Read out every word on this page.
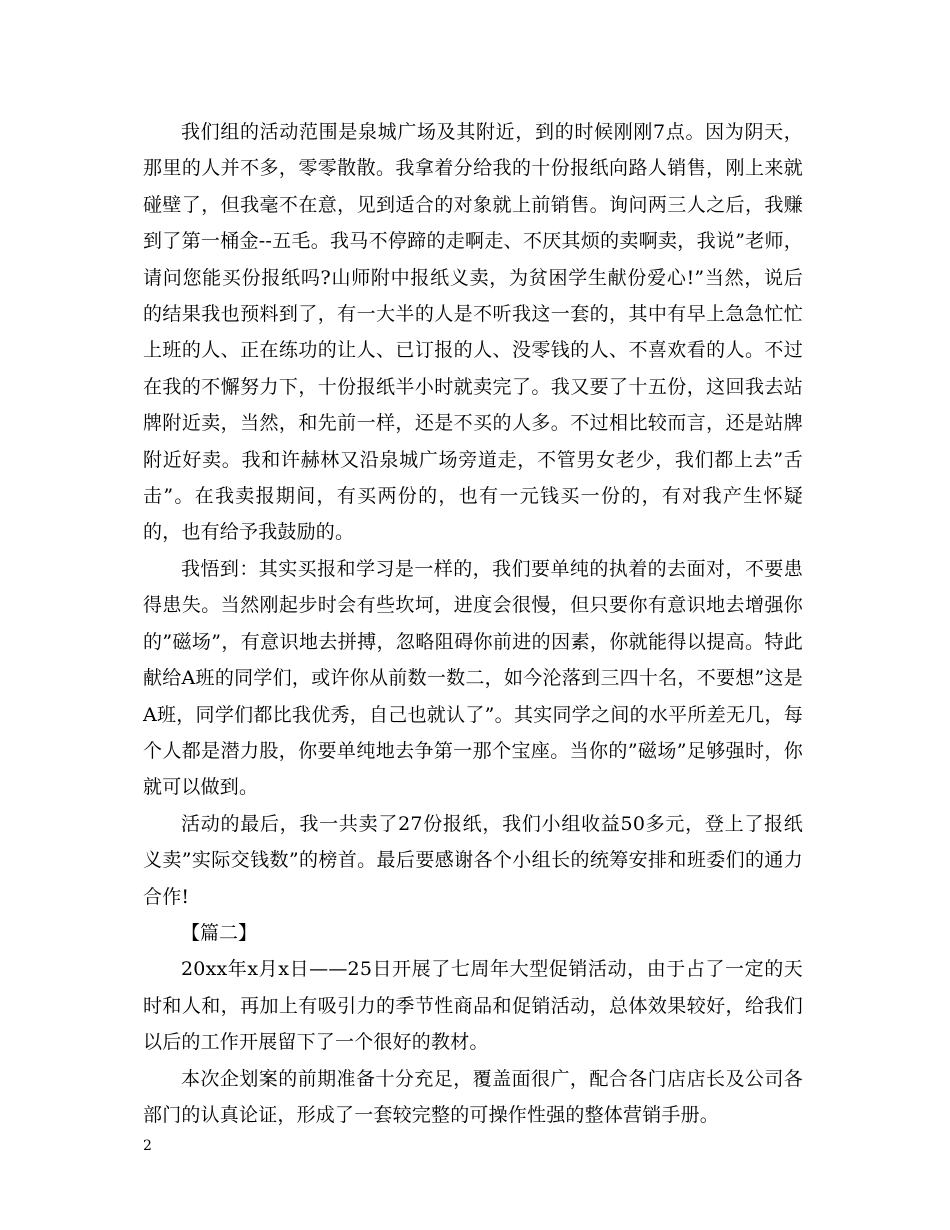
我们组的活动范围是泉城广场及其附近，到的时候刚刚7点。因为阴天，那里的人并不多，零零散散。我拿着分给我的十份报纸向路人销售，刚上来就碰壁了，但我毫不在意，见到适合的对象就上前销售。询问两三人之后，我赚到了第一桶金--五毛。我马不停蹄的走啊走、不厌其烦的卖啊卖，我说”老师，请问您能买份报纸吗?山师附中报纸义卖，为贫困学生献份爱心!”当然，说后的结果我也预料到了，有一大半的人是不听我这一套的，其中有早上急急忙忙上班的人、正在练功的让人、已订报的人、没零钱的人、不喜欢看的人。不过在我的不懈努力下，十份报纸半小时就卖完了。我又要了十五份，这回我去站牌附近卖，当然，和先前一样，还是不买的人多。不过相比较而言，还是站牌附近好卖。我和许赫林又沿泉城广场旁道走，不管男女老少，我们都上去”舌击”。在我卖报期间，有买两份的，也有一元钱买一份的，有对我产生怀疑的，也有给予我鼓励的。

我悟到：其实买报和学习是一样的，我们要单纯的执着的去面对，不要患得患失。当然刚起步时会有些坎坷，进度会很慢，但只要你有意识地去增强你的”磁场”，有意识地去拼搏，忽略阻碍你前进的因素，你就能得以提高。特此献给A班的同学们，或许你从前数一数二，如今沦落到三四十名，不要想”这是A班，同学们都比我优秀，自己也就认了”。其实同学之间的水平所差无几，每个人都是潜力股，你要单纯地去争第一那个宝座。当你的”磁场”足够强时，你就可以做到。

活动的最后，我一共卖了27份报纸，我们小组收益50多元，登上了报纸义卖”实际交钱数”的榜首。最后要感谢各个小组长的统筹安排和班委们的通力合作!

【篇二】

20xx年x月x日——25日开展了七周年大型促销活动，由于占了一定的天时和人和，再加上有吸引力的季节性商品和促销活动，总体效果较好，给我们以后的工作开展留下了一个很好的教材。

本次企划案的前期准备十分充足，覆盖面很广，配合各门店店长及公司各部门的认真论证，形成了一套较完整的可操作性强的整体营销手册。

2
